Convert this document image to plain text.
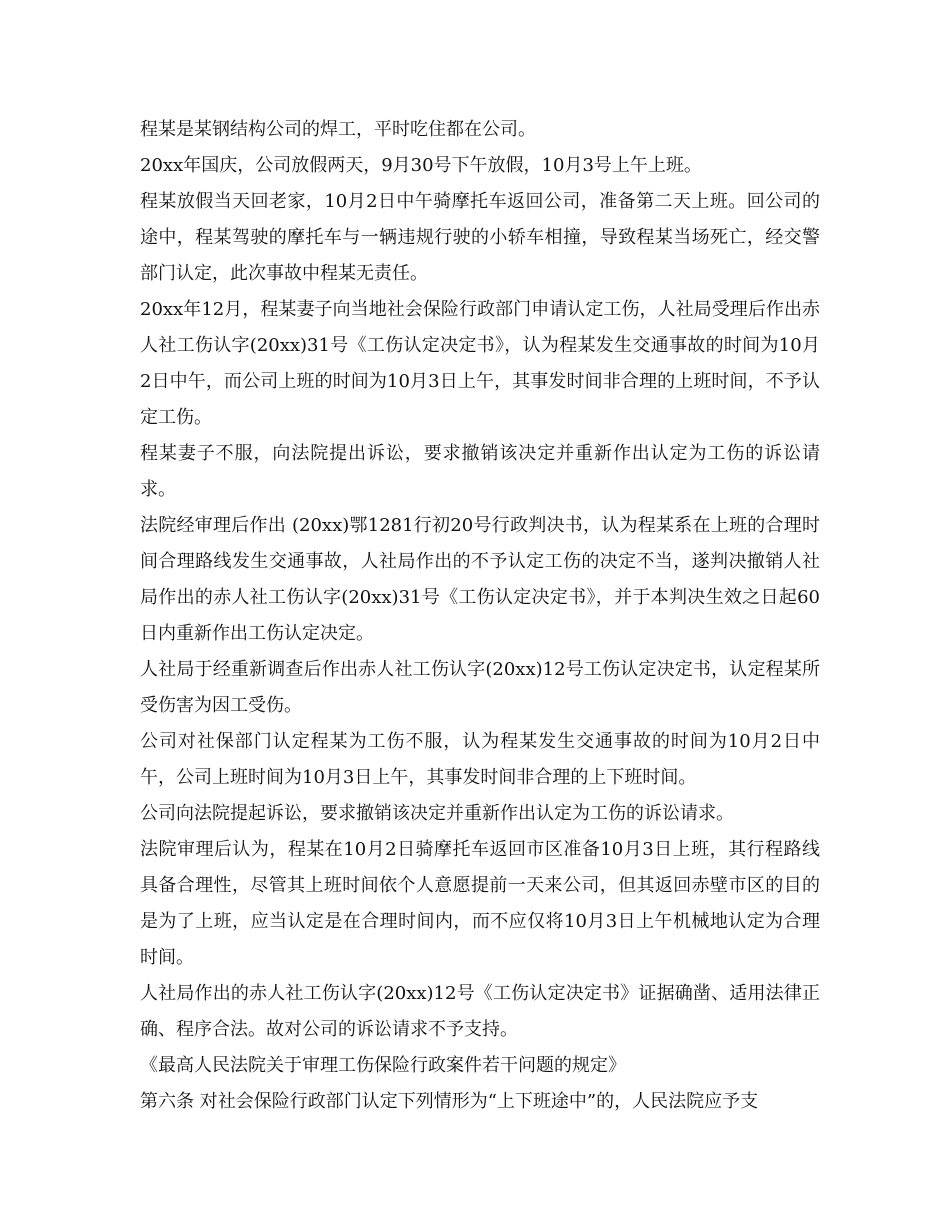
程某是某钢结构公司的焊工，平时吃住都在公司。

20xx年国庆，公司放假两天，9月30号下午放假，10月3号上午上班。

程某放假当天回老家，10月2日中午骑摩托车返回公司，准备第二天上班。回公司的途中，程某驾驶的摩托车与一辆违规行驶的小轿车相撞，导致程某当场死亡，经交警部门认定，此次事故中程某无责任。

20xx年12月，程某妻子向当地社会保险行政部门申请认定工伤，人社局受理后作出赤人社工伤认字(20xx)31号《工伤认定决定书》，认为程某发生交通事故的时间为10月2日中午，而公司上班的时间为10月3日上午，其事发时间非合理的上班时间，不予认定工伤。

程某妻子不服，向法院提出诉讼，要求撤销该决定并重新作出认定为工伤的诉讼请求。

法院经审理后作出 (20xx)鄂1281行初20号行政判决书，认为程某系在上班的合理时间合理路线发生交通事故，人社局作出的不予认定工伤的决定不当，遂判决撤销人社局作出的赤人社工伤认字(20xx)31号《工伤认定决定书》，并于本判决生效之日起60日内重新作出工伤认定决定。

人社局于经重新调查后作出赤人社工伤认字(20xx)12号工伤认定决定书，认定程某所受伤害为因工受伤。

公司对社保部门认定程某为工伤不服，认为程某发生交通事故的时间为10月2日中午，公司上班时间为10月3日上午，其事发时间非合理的上下班时间。

公司向法院提起诉讼，要求撤销该决定并重新作出认定为工伤的诉讼请求。

法院审理后认为，程某在10月2日骑摩托车返回市区准备10月3日上班，其行程路线具备合理性，尽管其上班时间依个人意愿提前一天来公司，但其返回赤壁市区的目的是为了上班，应当认定是在合理时间内，而不应仅将10月3日上午机械地认定为合理时间。

人社局作出的赤人社工伤认字(20xx)12号《工伤认定决定书》证据确凿、适用法律正确、程序合法。故对公司的诉讼请求不予支持。

《最高人民法院关于审理工伤保险行政案件若干问题的规定》

第六条 对社会保险行政部门认定下列情形为“上下班途中”的，人民法院应予支
